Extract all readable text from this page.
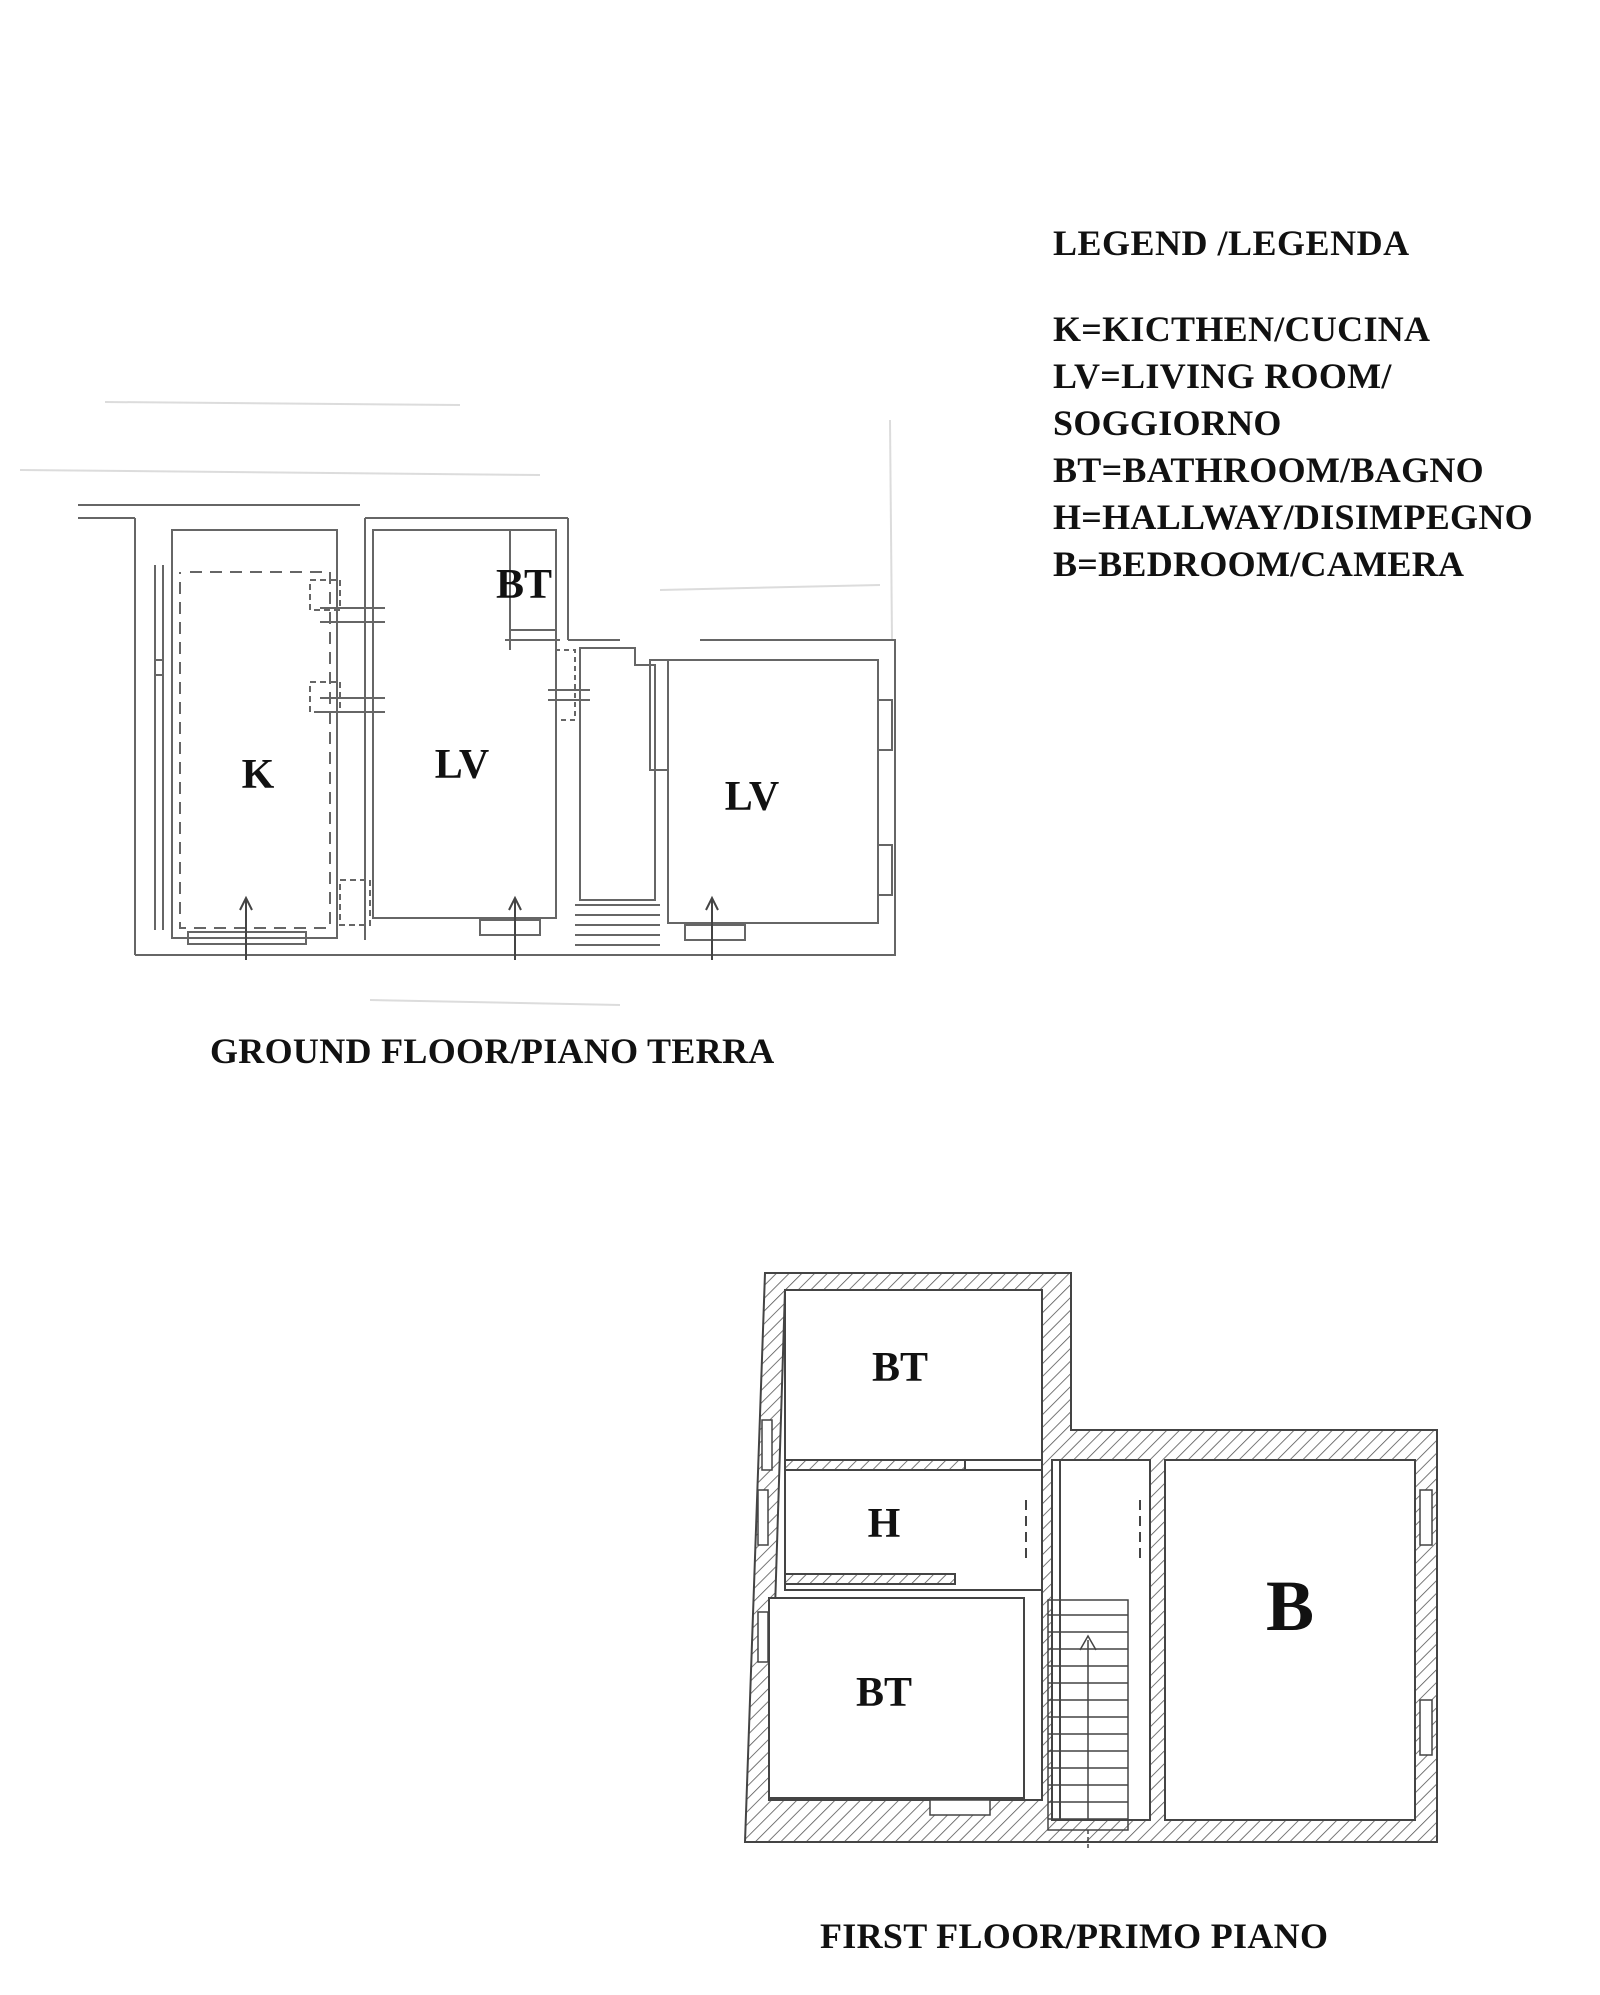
LEGEND /LEGENDA
K=KICTHEN/CUCINA
LV=LIVING ROOM/
SOGGIORNO
BT=BATHROOM/BAGNO
H=HALLWAY/DISIMPEGNO
B=BEDROOM/CAMERA
K	LV
BT
LV
BT
H
BT
B
GROUND FLOOR/PIANO TERRA
FIRST FLOOR/PRIMO PIANO
